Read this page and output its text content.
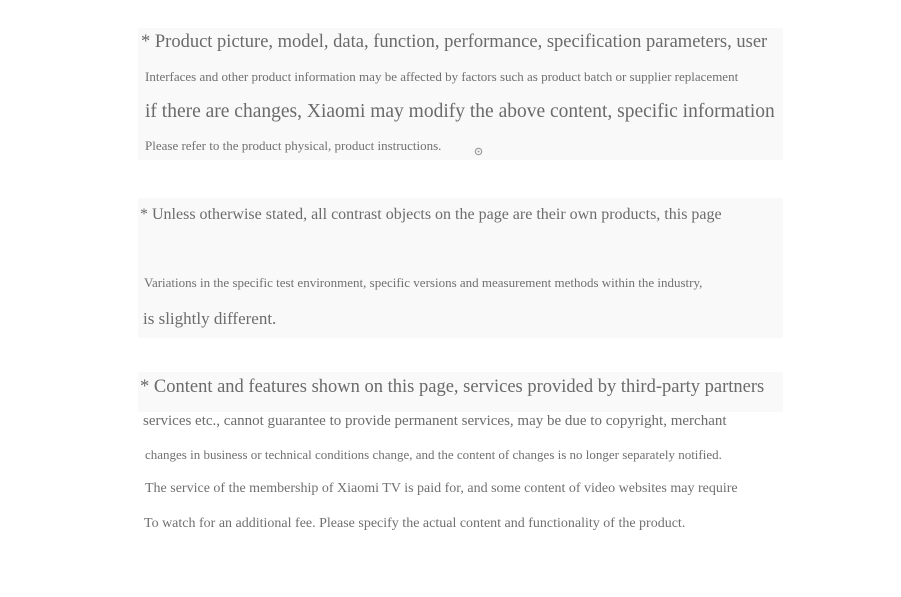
* Product picture, model, data, function, performance, specification parameters, user
Interfaces and other product information may be affected by factors such as product batch or supplier replacement
if there are changes, Xiaomi may modify the above content, specific information
Please refer to the product physical, product instructions.
* Unless otherwise stated, all contrast objects on the page are their own products, this page
Variations in the specific test environment, specific versions and measurement methods within the industry,
is slightly different.
* Content and features shown on this page, services provided by third-party partners
services etc., cannot guarantee to provide permanent services, may be due to copyright, merchant
changes in business or technical conditions change, and the content of changes is no longer separately notified.
The service of the membership of Xiaomi TV is paid for, and some content of video websites may require
To watch for an additional fee. Please specify the actual content and functionality of the product.
